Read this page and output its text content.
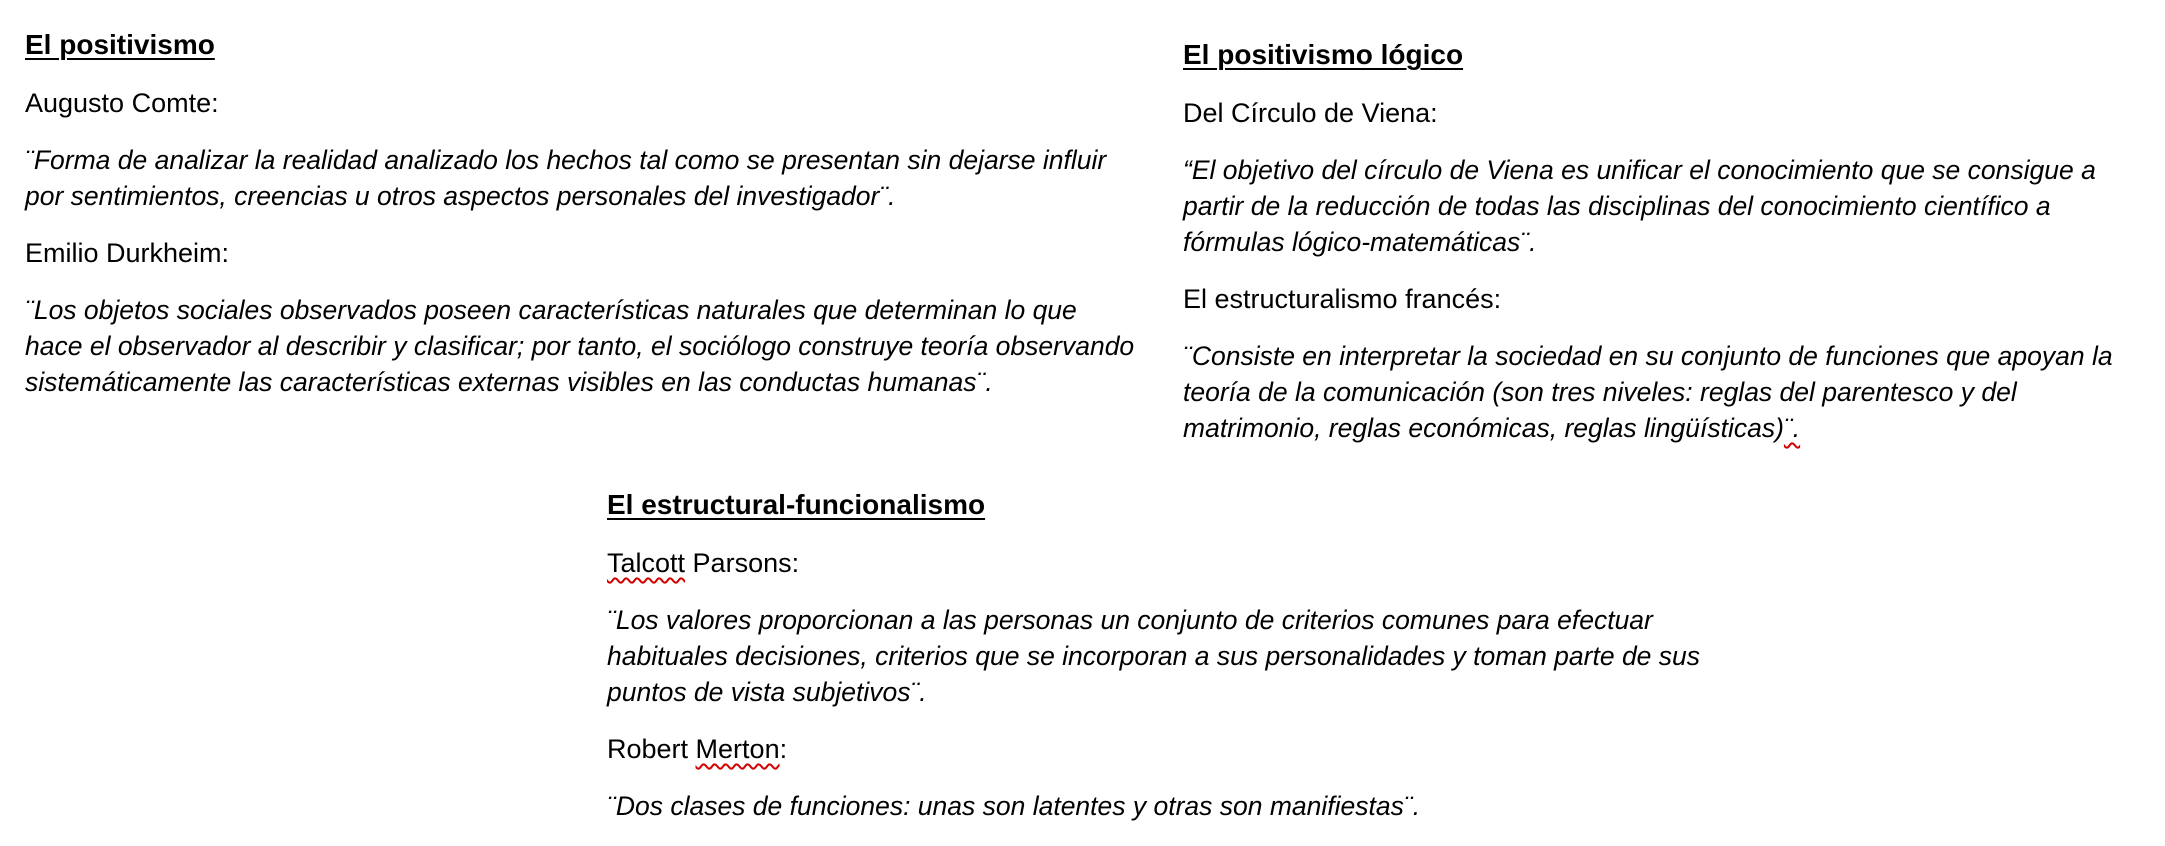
El positivismo
Augusto Comte:
¨Forma de analizar la realidad analizado los hechos tal como se presentan sin dejarse influir por sentimientos, creencias u otros aspectos personales del investigador¨.
Emilio Durkheim:
¨Los objetos sociales observados poseen características naturales que determinan lo que hace el observador al describir y clasificar; por tanto, el sociólogo construye teoría observando sistemáticamente las características externas visibles en las conductas humanas¨.
El positivismo lógico
Del Círculo de Viena:
“El objetivo del círculo de Viena es unificar el conocimiento que se consigue a partir de la reducción de todas las disciplinas del conocimiento científico a fórmulas lógico-matemáticas¨.
El estructuralismo francés:
¨Consiste en interpretar la sociedad en su conjunto de funciones que apoyan la teoría de la comunicación (son tres niveles: reglas del parentesco y del matrimonio, reglas económicas, reglas lingüísticas)¨.
El estructural-funcionalismo
Talcott Parsons:
¨Los valores proporcionan a las personas un conjunto de criterios comunes para efectuar habituales decisiones, criterios que se incorporan a sus personalidades y toman parte de sus puntos de vista subjetivos¨.
Robert Merton:
¨Dos clases de funciones: unas son latentes y otras son manifiestas¨.
